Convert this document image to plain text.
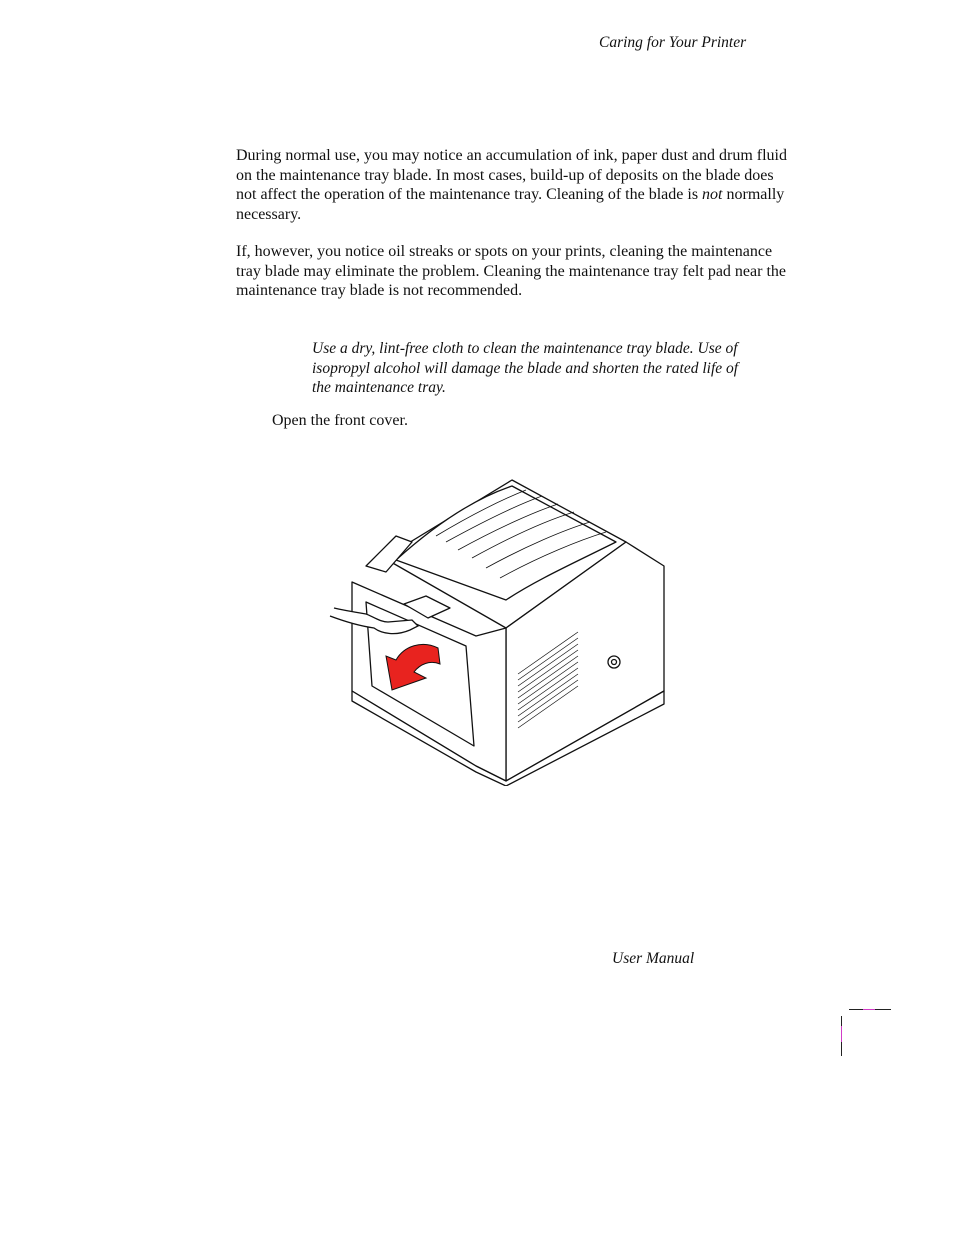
Caring for Your Printer

During normal use, you may notice an accumulation of ink, paper dust and drum fluid on the maintenance tray blade. In most cases, build-up of deposits on the blade does not affect the operation of the maintenance tray. Cleaning of the blade is not normally necessary.

If, however, you notice oil streaks or spots on your prints, cleaning the maintenance tray blade may eliminate the problem. Cleaning the maintenance tray felt pad near the maintenance tray blade is not recommended.

Use a dry, lint-free cloth to clean the maintenance tray blade. Use of isopropyl alcohol will damage the blade and shorten the rated life of the maintenance tray.

Open the front cover.
User Manual
